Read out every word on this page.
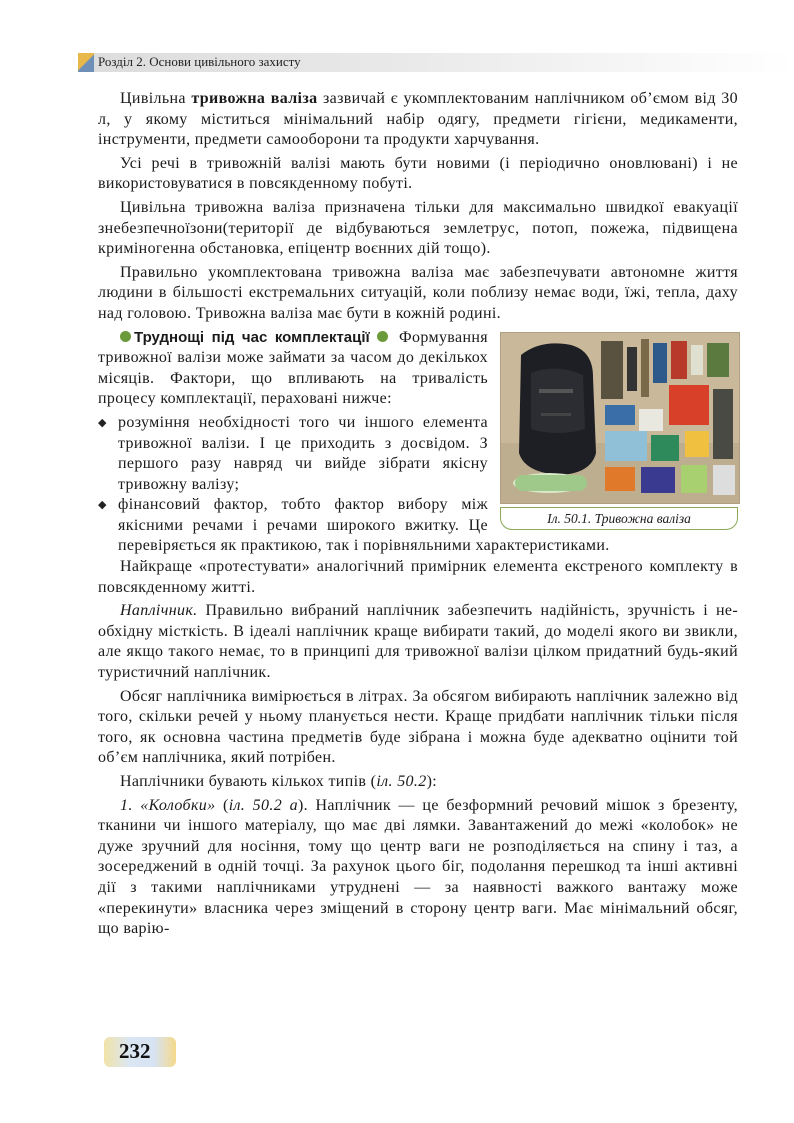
Розділ 2. Основи цивільного захисту

Цивільна тривожна валіза зазвичай є укомплектованим наплічником об’ємом від 30 л, у якому міститься мінімальний набір одягу, предмети гігієни, медикаменти, інструменти, предмети самооборони та продукти харчування.

Усі речі в тривожній валізі мають бути новими (і періодично оновлювані) і не використовуватися в повсякденному побуті.

Цивільна тривожна валіза призначена тільки для максимально швидкої евакуації знебезпечноїзони(території де відбуваються землетрус, потоп, пожежа, підвищена криміногенна обстановка, епіцентр воєнних дій тощо).

Правильно укомплектована тривожна валіза має забезпечувати автономне життя людини в більшості екстремальних ситуацій, коли поблизу немає води, їжі, тепла, даху над головою. Тривожна валіза має бути в кожній родині.

Іл. 50.1. Тривожна валіза

Труднощі під час комплектації  Формування тривожної валізи може займати за часом до декількох місяців. Фактори, що впливають на тривалість процесу комплектації, пераховані нижче:

◆ розуміння необхідності того чи іншого елемента тривожної валізи. І це приходить з досвідом. З першого разу навряд чи вийде зібрати якісну тривожну валізу;
◆ фінансовий фактор, тобто фактор вибору між якісними речами і речами широкого вжитку. Це перевіряється як практикою, так і порівняльними характеристиками.

Найкраще «протестувати» аналогічний примірник елемента екстреного комплекту в повсякденному житті.

Наплічник. Правильно вибраний наплічник забезпечить надійність, зручність і не-обхідну місткість. В ідеалі наплічник краще вибирати такий, до моделі якого ви звикли, але якщо такого немає, то в принципі для тривожної валізи цілком придатний будь-який туристичний наплічник.

Обсяг наплічника вимірюється в літрах. За обсягом вибирають наплічник залежно від того, скільки речей у ньому планується нести. Краще придбати наплічник тільки після того, як основна частина предметів буде зібрана і можна буде адекватно оцінити той об’єм наплічника, який потрібен.

Наплічники бувають кількох типів (іл. 50.2):

1. «Колобки» (іл. 50.2 а). Наплічник — це безформний речовий мішок з брезенту, тканини чи іншого матеріалу, що має дві лямки. Завантажений до межі «колобок» не дуже зручний для носіння, тому що центр ваги не розподіляється на спину і таз, а зосереджений в одній точці. За рахунок цього біг, подолання перешкод та інші активні дії з такими наплічниками утруднені — за наявності важкого вантажу може «перекинути» власника через зміщений в сторону центр ваги. Має мінімальний обсяг, що варію-

232
